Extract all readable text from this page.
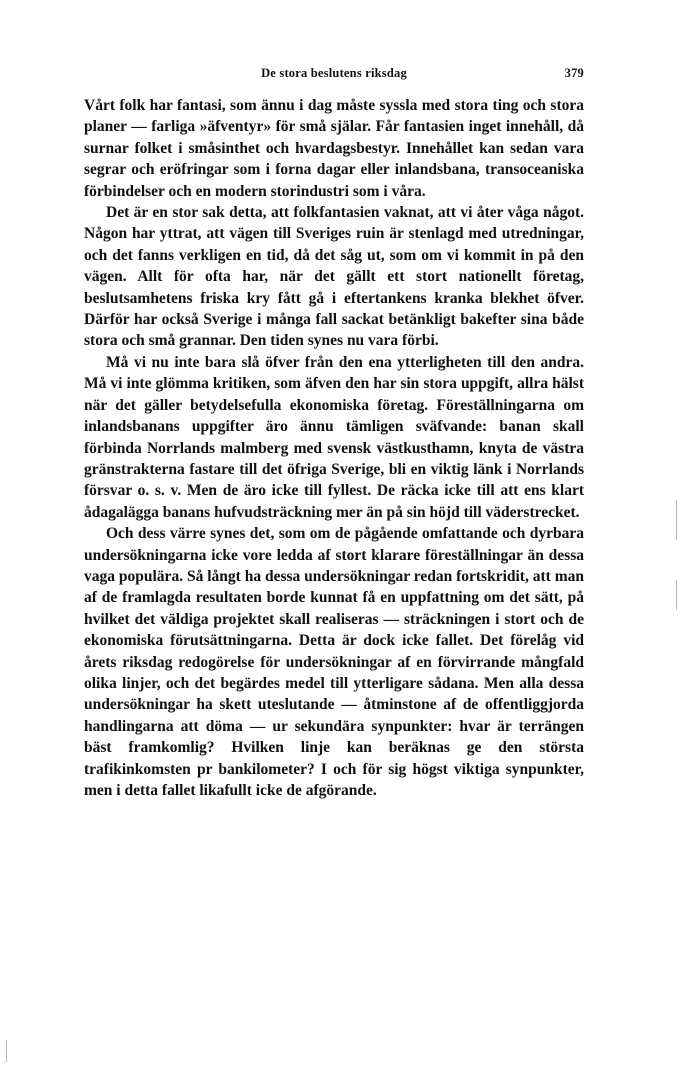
De stora beslutens riksdag	379

Vårt folk har fantasi, som ännu i dag måste syssla med stora ting och stora planer — farliga »äfventyr» för små själar. Får fantasien inget innehåll, då surnar folket i småsinthet och hvardagsbestyr. Innehållet kan sedan vara segrar och eröfringar som i forna dagar eller inlandsbana, transoceaniska förbindelser och en modern storindustri som i våra.

Det är en stor sak detta, att folkfantasien vaknat, att vi åter våga något. Någon har yttrat, att vägen till Sveriges ruin är stenlagd med utredningar, och det fanns verkligen en tid, då det såg ut, som om vi kommit in på den vägen. Allt för ofta har, när det gällt ett stort nationellt företag, beslutsamhetens friska kry fått gå i eftertankens kranka blekhet öfver. Därför har också Sverige i många fall sackat betänkligt bakefter sina både stora och små grannar. Den tiden synes nu vara förbi.

Må vi nu inte bara slå öfver från den ena ytterligheten till den andra. Må vi inte glömma kritiken, som äfven den har sin stora uppgift, allra hälst när det gäller betydelsefulla ekonomiska företag. Föreställningarna om inlandsbanans uppgifter äro ännu tämligen sväfvande: banan skall förbinda Norrlands malmberg med svensk västkusthamn, knyta de västra gränstrakterna fastare till det öfriga Sverige, bli en viktig länk i Norrlands försvar o. s. v. Men de äro icke till fyllest. De räcka icke till att ens klart ådagalägga banans hufvudsträckning mer än på sin höjd till väderstrecket.

Och dess värre synes det, som om de pågående omfattande och dyrbara undersökningarna icke vore ledda af stort klarare föreställningar än dessa vaga populära. Så långt ha dessa undersökningar redan fortskridit, att man af de framlagda resultaten borde kunnat få en uppfattning om det sätt, på hvilket det väldiga projektet skall realiseras — sträckningen i stort och de ekonomiska förutsättningarna. Detta är dock icke fallet. Det förelåg vid årets riksdag redogörelse för undersökningar af en förvirrande mångfald olika linjer, och det begärdes medel till ytterligare sådana. Men alla dessa undersökningar ha skett uteslutande — åtminstone af de offentliggjorda handlingarna att döma — ur sekundära synpunkter: hvar är terrängen bäst framkomlig? Hvilken linje kan beräknas ge den största trafikinkomsten pr bankilometer? I och för sig högst viktiga synpunkter, men i detta fallet likafullt icke de afgörande.
